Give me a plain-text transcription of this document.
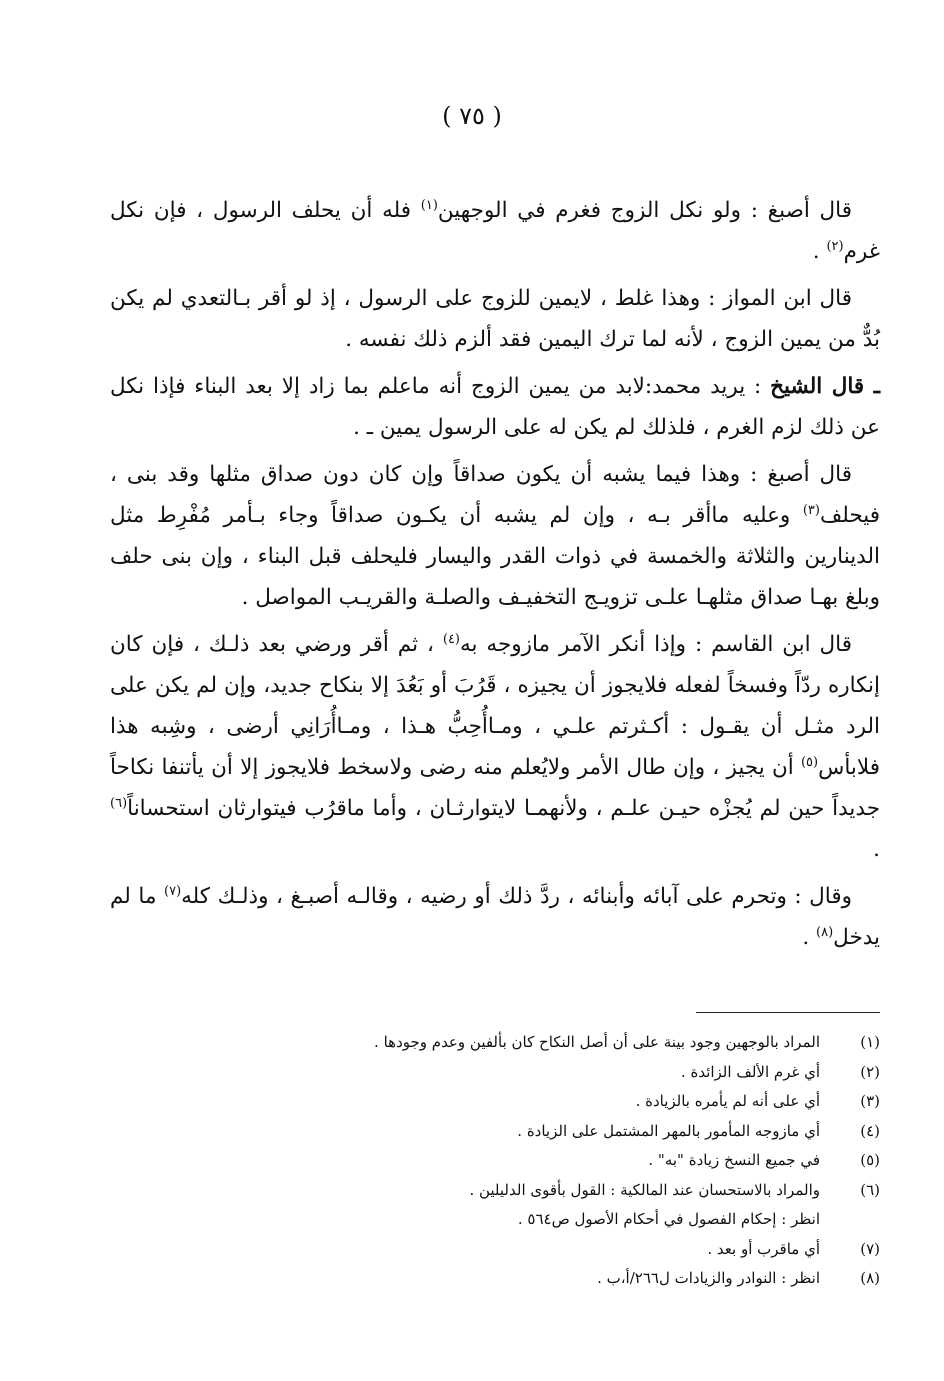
( ٧٥ )

قال أصبغ : ولو نكل الزوج فغرم في الوجهين$^{(١)}$ فله أن يحلف الرسول ، فإن نكل غرم$^{(٢)}$ .

قال ابن المواز : وهذا غلط ، لايمين للزوج على الرسول ، إذ لو أقر بـالتعدي لم يكن بُدٌّ من يمين الزوج ، لأنه لما ترك اليمين فقد ألزم ذلك نفسه .

ـ قال الشيخ : يريد محمد:لابد من يمين الزوج أنه ماعلم بما زاد إلا بعد البناء فإذا نكل عن ذلك لزم الغرم ، فلذلك لم يكن له على الرسول يمين ـ .

قال أصبغ : وهذا فيما يشبه أن يكون صداقاً وإن كان دون صداق مثلها وقد بنى ، فيحلف$^{(٣)}$ وعليه ماأقر بـه ، وإن لم يشبه أن يكـون صداقاً وجاء بـأمر مُفْرِط مثل الدينارين والثلاثة والخمسة في ذوات القدر واليسار فليحلف قبل البناء ، وإن بنى حلف وبلغ بهـا صداق مثلهـا علـى تزويـج التخفيـف والصلـة والقريـب المواصل .

قال ابن القاسم : وإذا أنكر الآمر مازوجه به$^{(٤)}$ ، ثم أقر ورضي بعد ذلـك ، فإن كان إنكاره ردّاً وفسخاً لفعله فلايجوز أن يجيزه ، قَرُبَ أو بَعُدَ إلا بنكاح جديد، وإن لم يكن على الرد مثـل أن يقـول : أكـثرتم علـي ، ومـاأُحِبُّ هـذا ، ومـاأُرَانِي أرضى ، وشِبه هذا فلابأس$^{(٥)}$ أن يجيز ، وإن طال الأمر ولايُعلم منه رضى ولاسخط فلايجوز إلا أن يأتنفا نكاحاً جديداً حين لم يُجزْه حيـن علـم ، ولأنهمـا لايتوارثـان ، وأما ماقرُب فيتوارثان استحساناً$^{(٦)}$ .

وقال : وتحرم على آبائه وأبنائه ، ردَّ ذلك أو رضيه ، وقالـه أصبـغ ، وذلـك كله$^{(٧)}$ ما لم يدخل$^{(٨)}$ .

(١)
المراد بالوجهين وجود بينة على أن أصل النكاح كان بألفين وعدم وجودها .
(٢)
أي غرم الألف الزائدة .
(٣)
أي على أنه لم يأمره بالزيادة .
(٤)
أي مازوجه المأمور بالمهر المشتمل على الزيادة .
(٥)
في جميع النسخ زيادة "به" .
(٦)
والمراد بالاستحسان عند المالكية : القول بأقوى الدليلين .
انظر : إحكام الفصول في أحكام الأصول ص٥٦٤ .
(٧)
أي ماقرب أو بعد .
(٨)
انظر : النوادر والزيادات ل٢٦٦/أ،ب .
